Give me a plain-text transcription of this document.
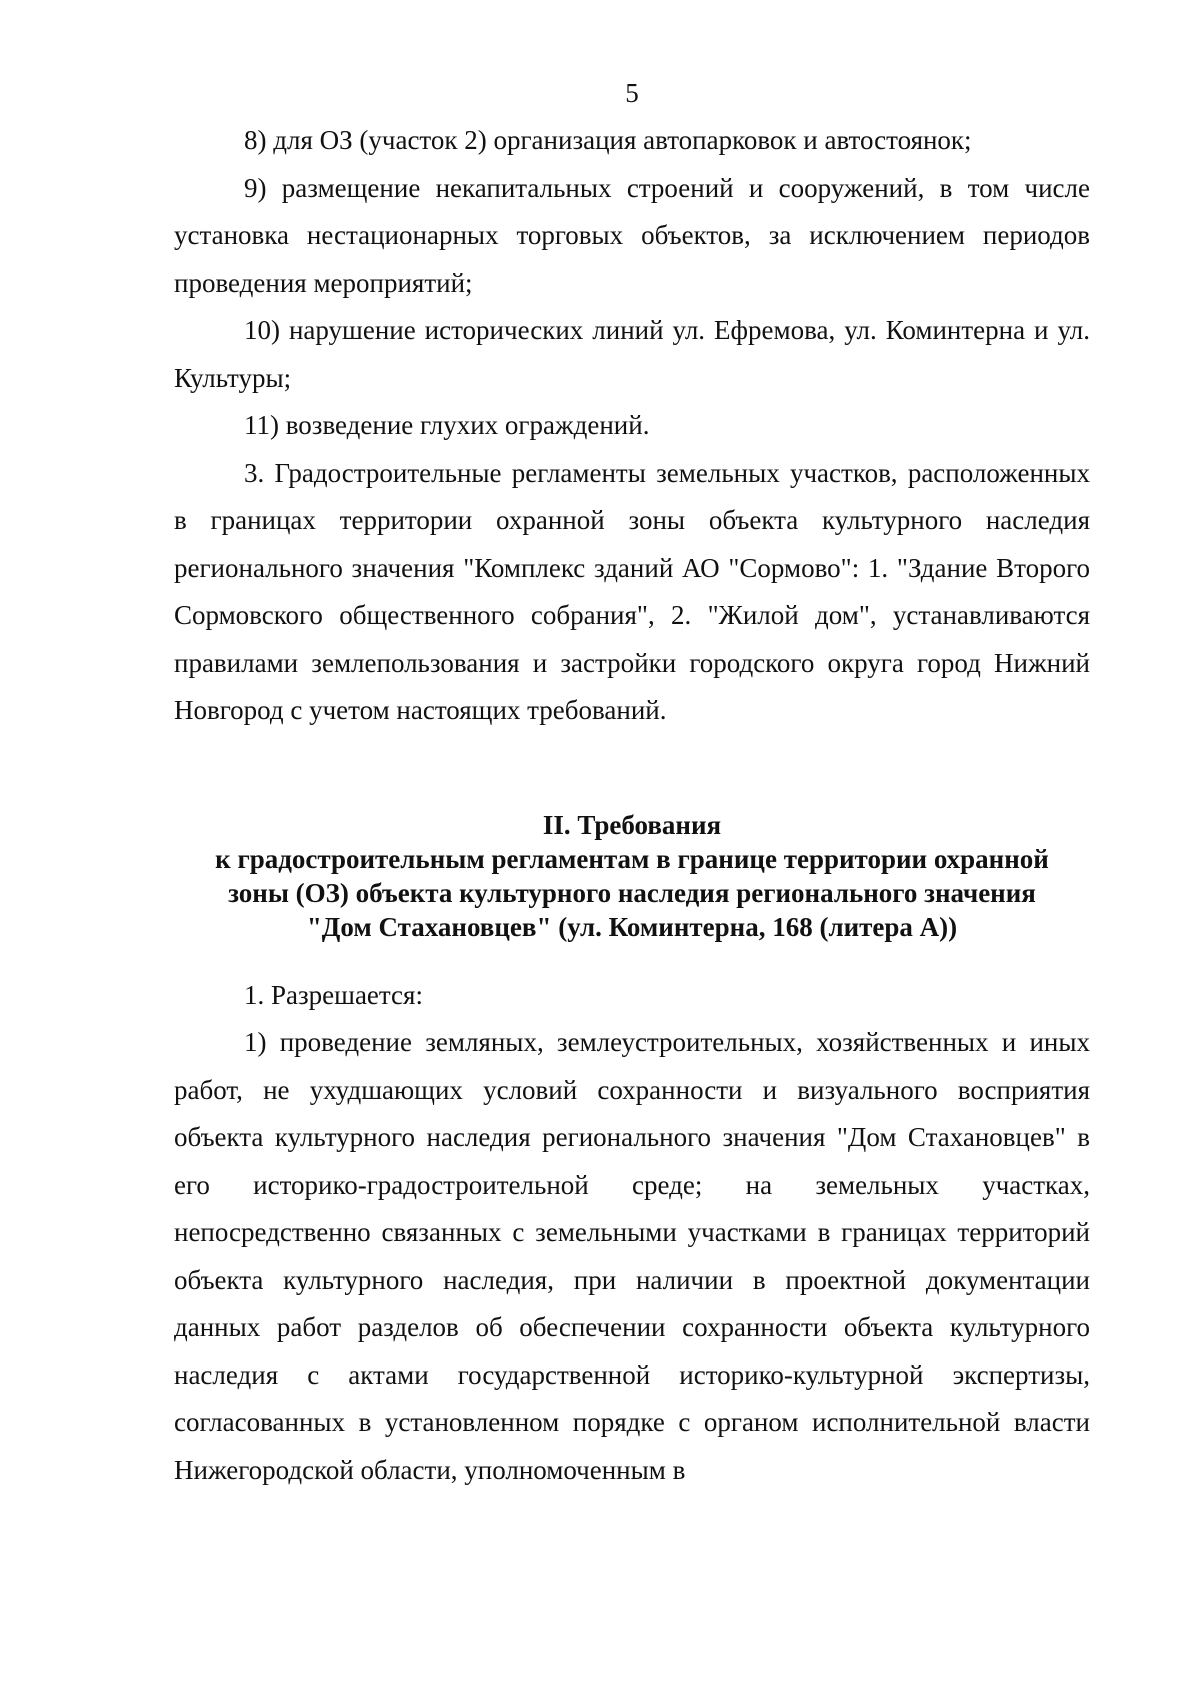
5

8) для ОЗ (участок 2) организация автопарковок и автостоянок;

9) размещение некапитальных строений и сооружений, в том числе установка нестационарных торговых объектов, за исключением периодов проведения мероприятий;

10) нарушение исторических линий ул. Ефремова, ул. Коминтерна и ул. Культуры;

11) возведение глухих ограждений.

3. Градостроительные регламенты земельных участков, расположенных в границах территории охранной зоны объекта культурного наследия регионального значения "Комплекс зданий АО "Сормово": 1. "Здание Второго Сормовского общественного собрания", 2. "Жилой дом", устанавливаются правилами землепользования и застройки городского округа город Нижний Новгород с учетом настоящих требований.

II. Требования
к градостроительным регламентам в границе территории охранной
зоны (ОЗ) объекта культурного наследия регионального значения
"Дом Стахановцев" (ул. Коминтерна, 168 (литера А))

1. Разрешается:

1) проведение земляных, землеустроительных, хозяйственных и иных работ, не ухудшающих условий сохранности и визуального восприятия объекта культурного наследия регионального значения "Дом Стахановцев" в его историко-градостроительной среде; на земельных участках, непосредственно связанных с земельными участками в границах территорий объекта культурного наследия, при наличии в проектной документации данных работ разделов об обеспечении сохранности объекта культурного наследия с актами государственной историко-культурной экспертизы, согласованных в установленном порядке с органом исполнительной власти Нижегородской области, уполномоченным в
